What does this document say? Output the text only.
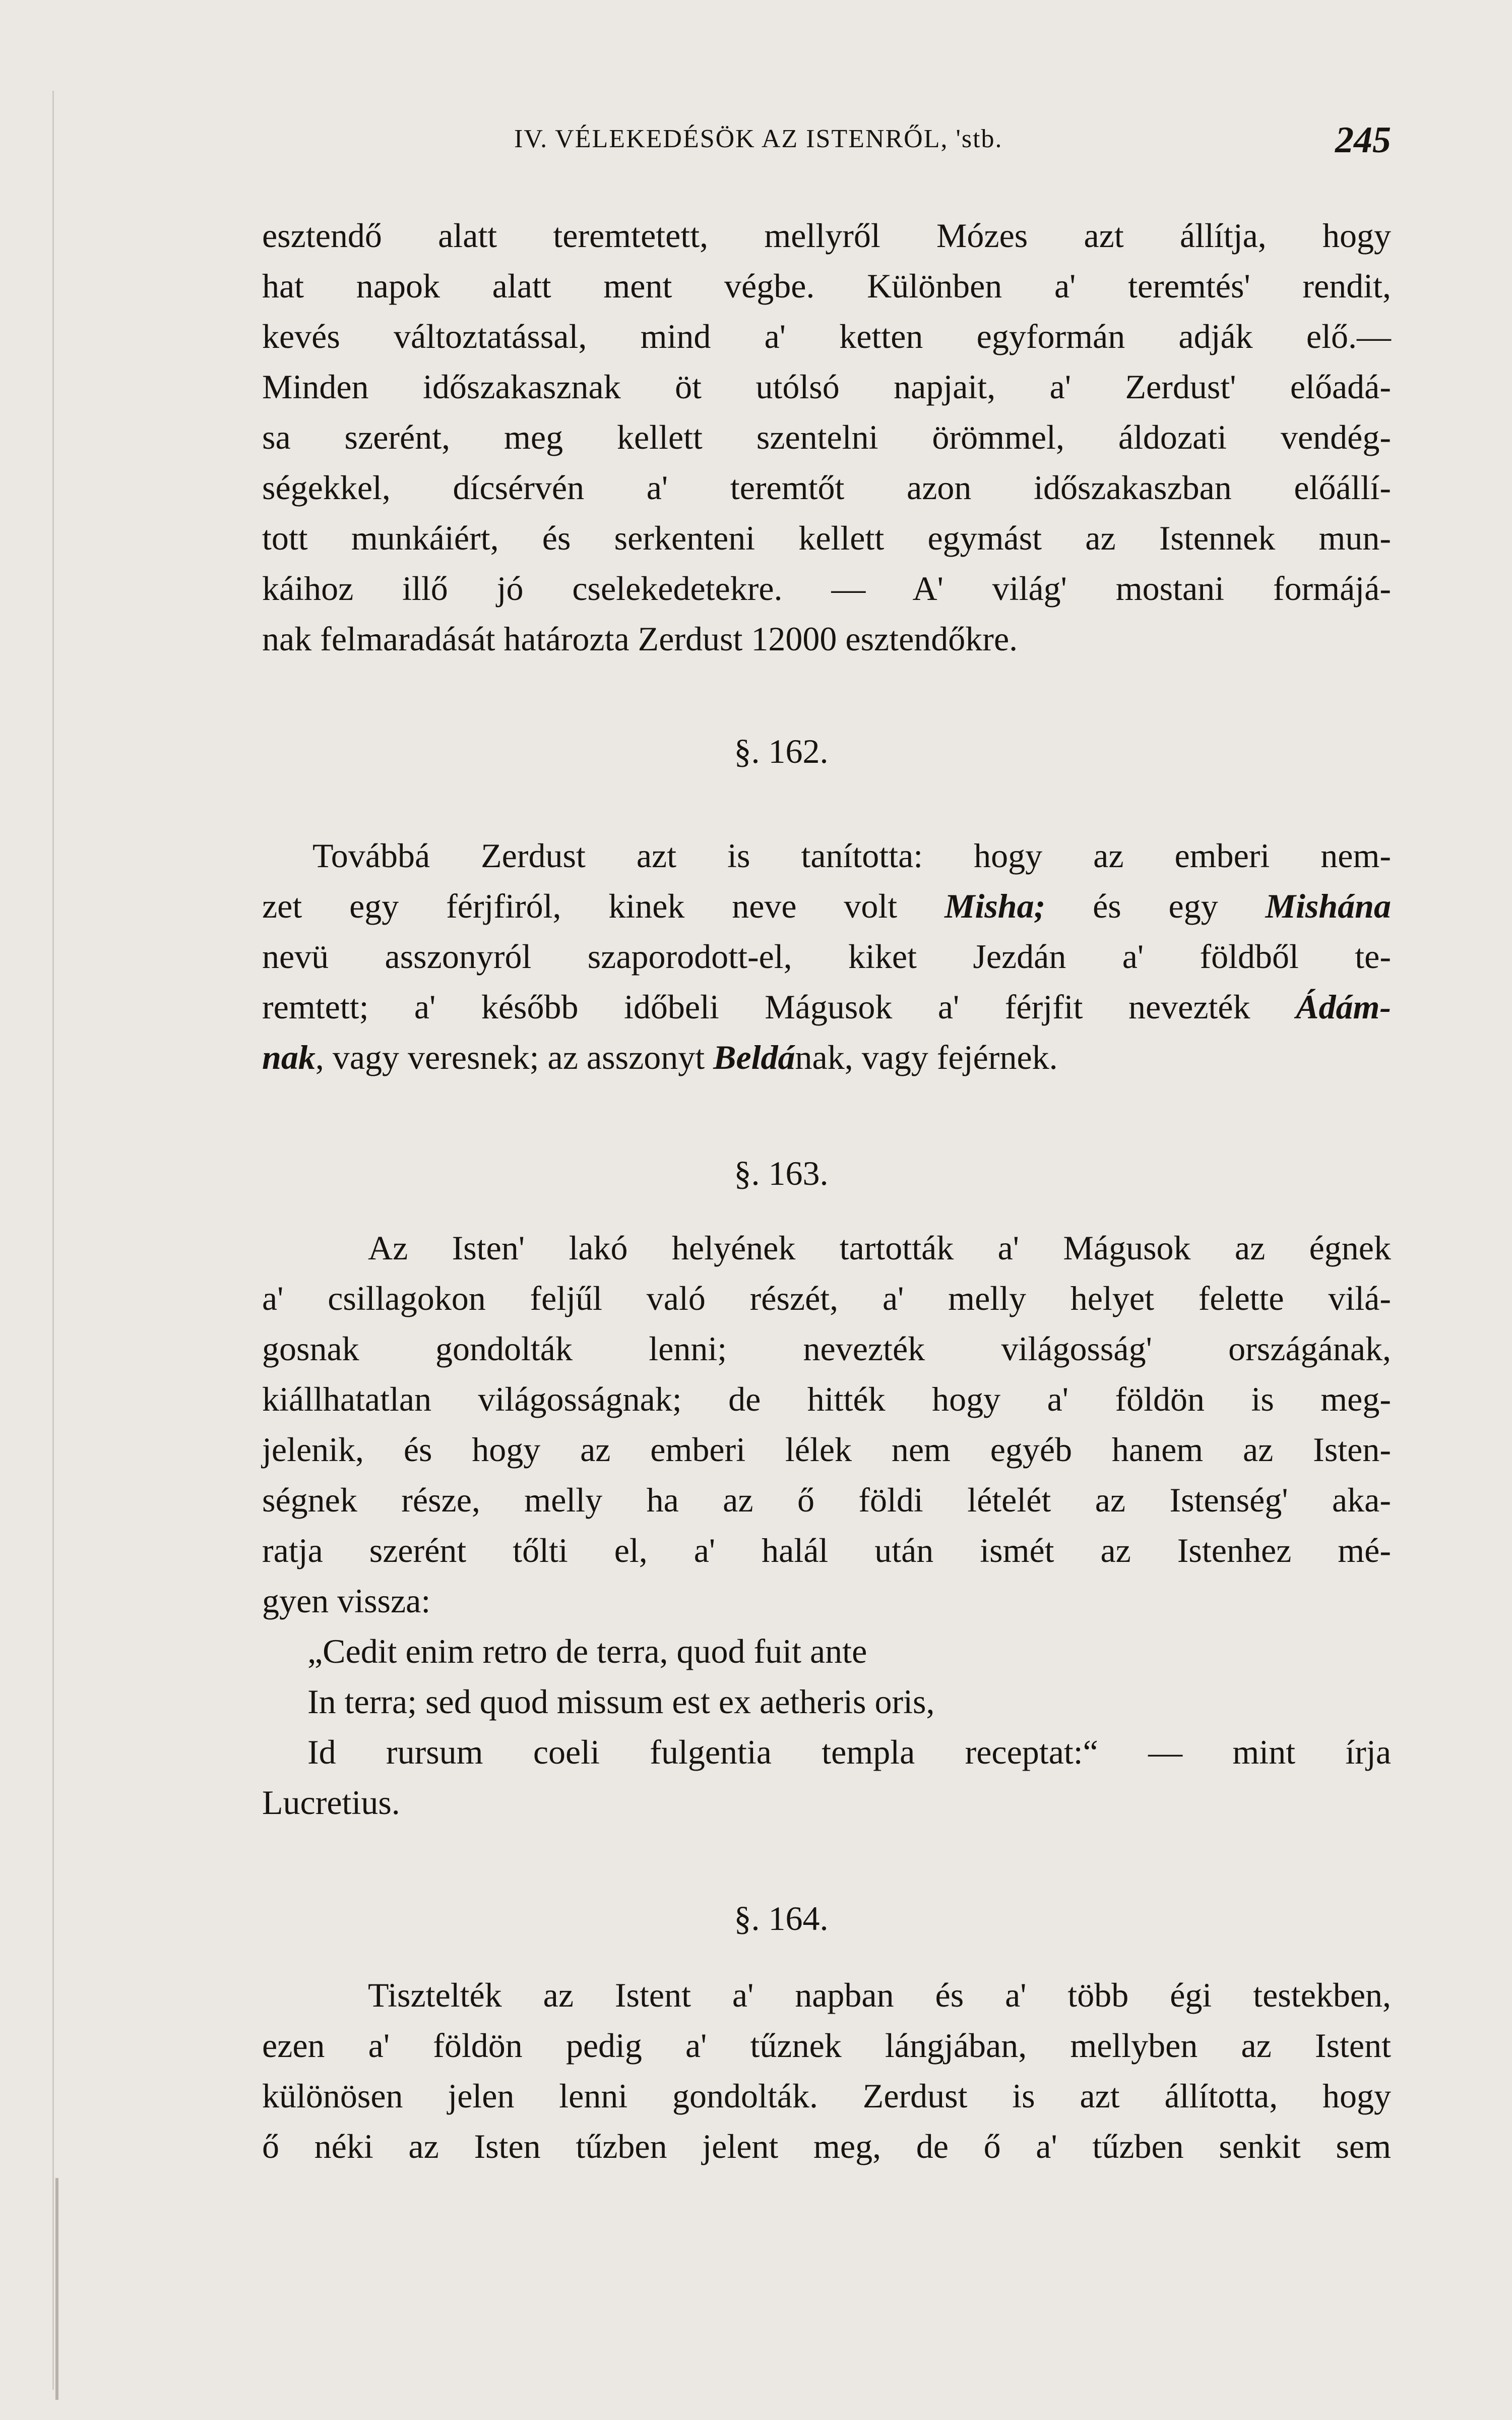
IV. VÉLEKEDÉSÖK AZ ISTENRŐL, 'stb.	245
esztendő alatt teremtetett, mellyről Mózes azt állítja, hogy
hat napok alatt ment végbe. Különben a' teremtés' rendit,
kevés változtatással, mind a' ketten egyformán adják elő.—
Minden időszakasznak öt utólsó napjait, a' Zerdust' előadá-
sa szerént, meg kellett szentelni örömmel, áldozati vendég-
ségekkel, dícsérvén a' teremtőt azon időszakaszban előállí-
tott munkáiért, és serkenteni kellett egymást az Istennek mun-
káihoz illő jó cselekedetekre. — A' világ' mostani formájá-
nak felmaradását határozta Zerdust 12000 esztendőkre.
§. 162.
Továbbá Zerdust azt is tanította: hogy az emberi nem-
zet egy férjfiról, kinek neve volt Misha; és egy Mishána
nevü asszonyról szaporodott-el, kiket Jezdán a' földből te-
remtett; a' később időbeli Mágusok a' férjfit nevezték Ádám-
nak, vagy veresnek; az asszonyt Beldának, vagy fejérnek.
§. 163.
Az Isten' lakó helyének tartották a' Mágusok az égnek
a' csillagokon feljűl való részét, a' melly helyet felette vilá-
gosnak gondolták lenni; nevezték világosság' országának,
kiállhatatlan világosságnak; de hitték hogy a' földön is meg-
jelenik, és hogy az emberi lélek nem egyéb hanem az Isten-
ségnek része, melly ha az ő földi lételét az Istenség' aka-
ratja szerént tőlti el, a' halál után ismét az Istenhez mé-
gyen vissza:
„Cedit enim retro de terra, quod fuit ante
In terra; sed quod missum est ex aetheris oris,
Id rursum coeli fulgentia templa receptat:“ — mint írja
Lucretius.
§. 164.
Tisztelték az Istent a' napban és a' több égi testekben,
ezen a' földön pedig a' tűznek lángjában, mellyben az Istent
különösen jelen lenni gondolták. Zerdust is azt állította, hogy
ő néki az Isten tűzben jelent meg, de ő a' tűzben senkit sem
